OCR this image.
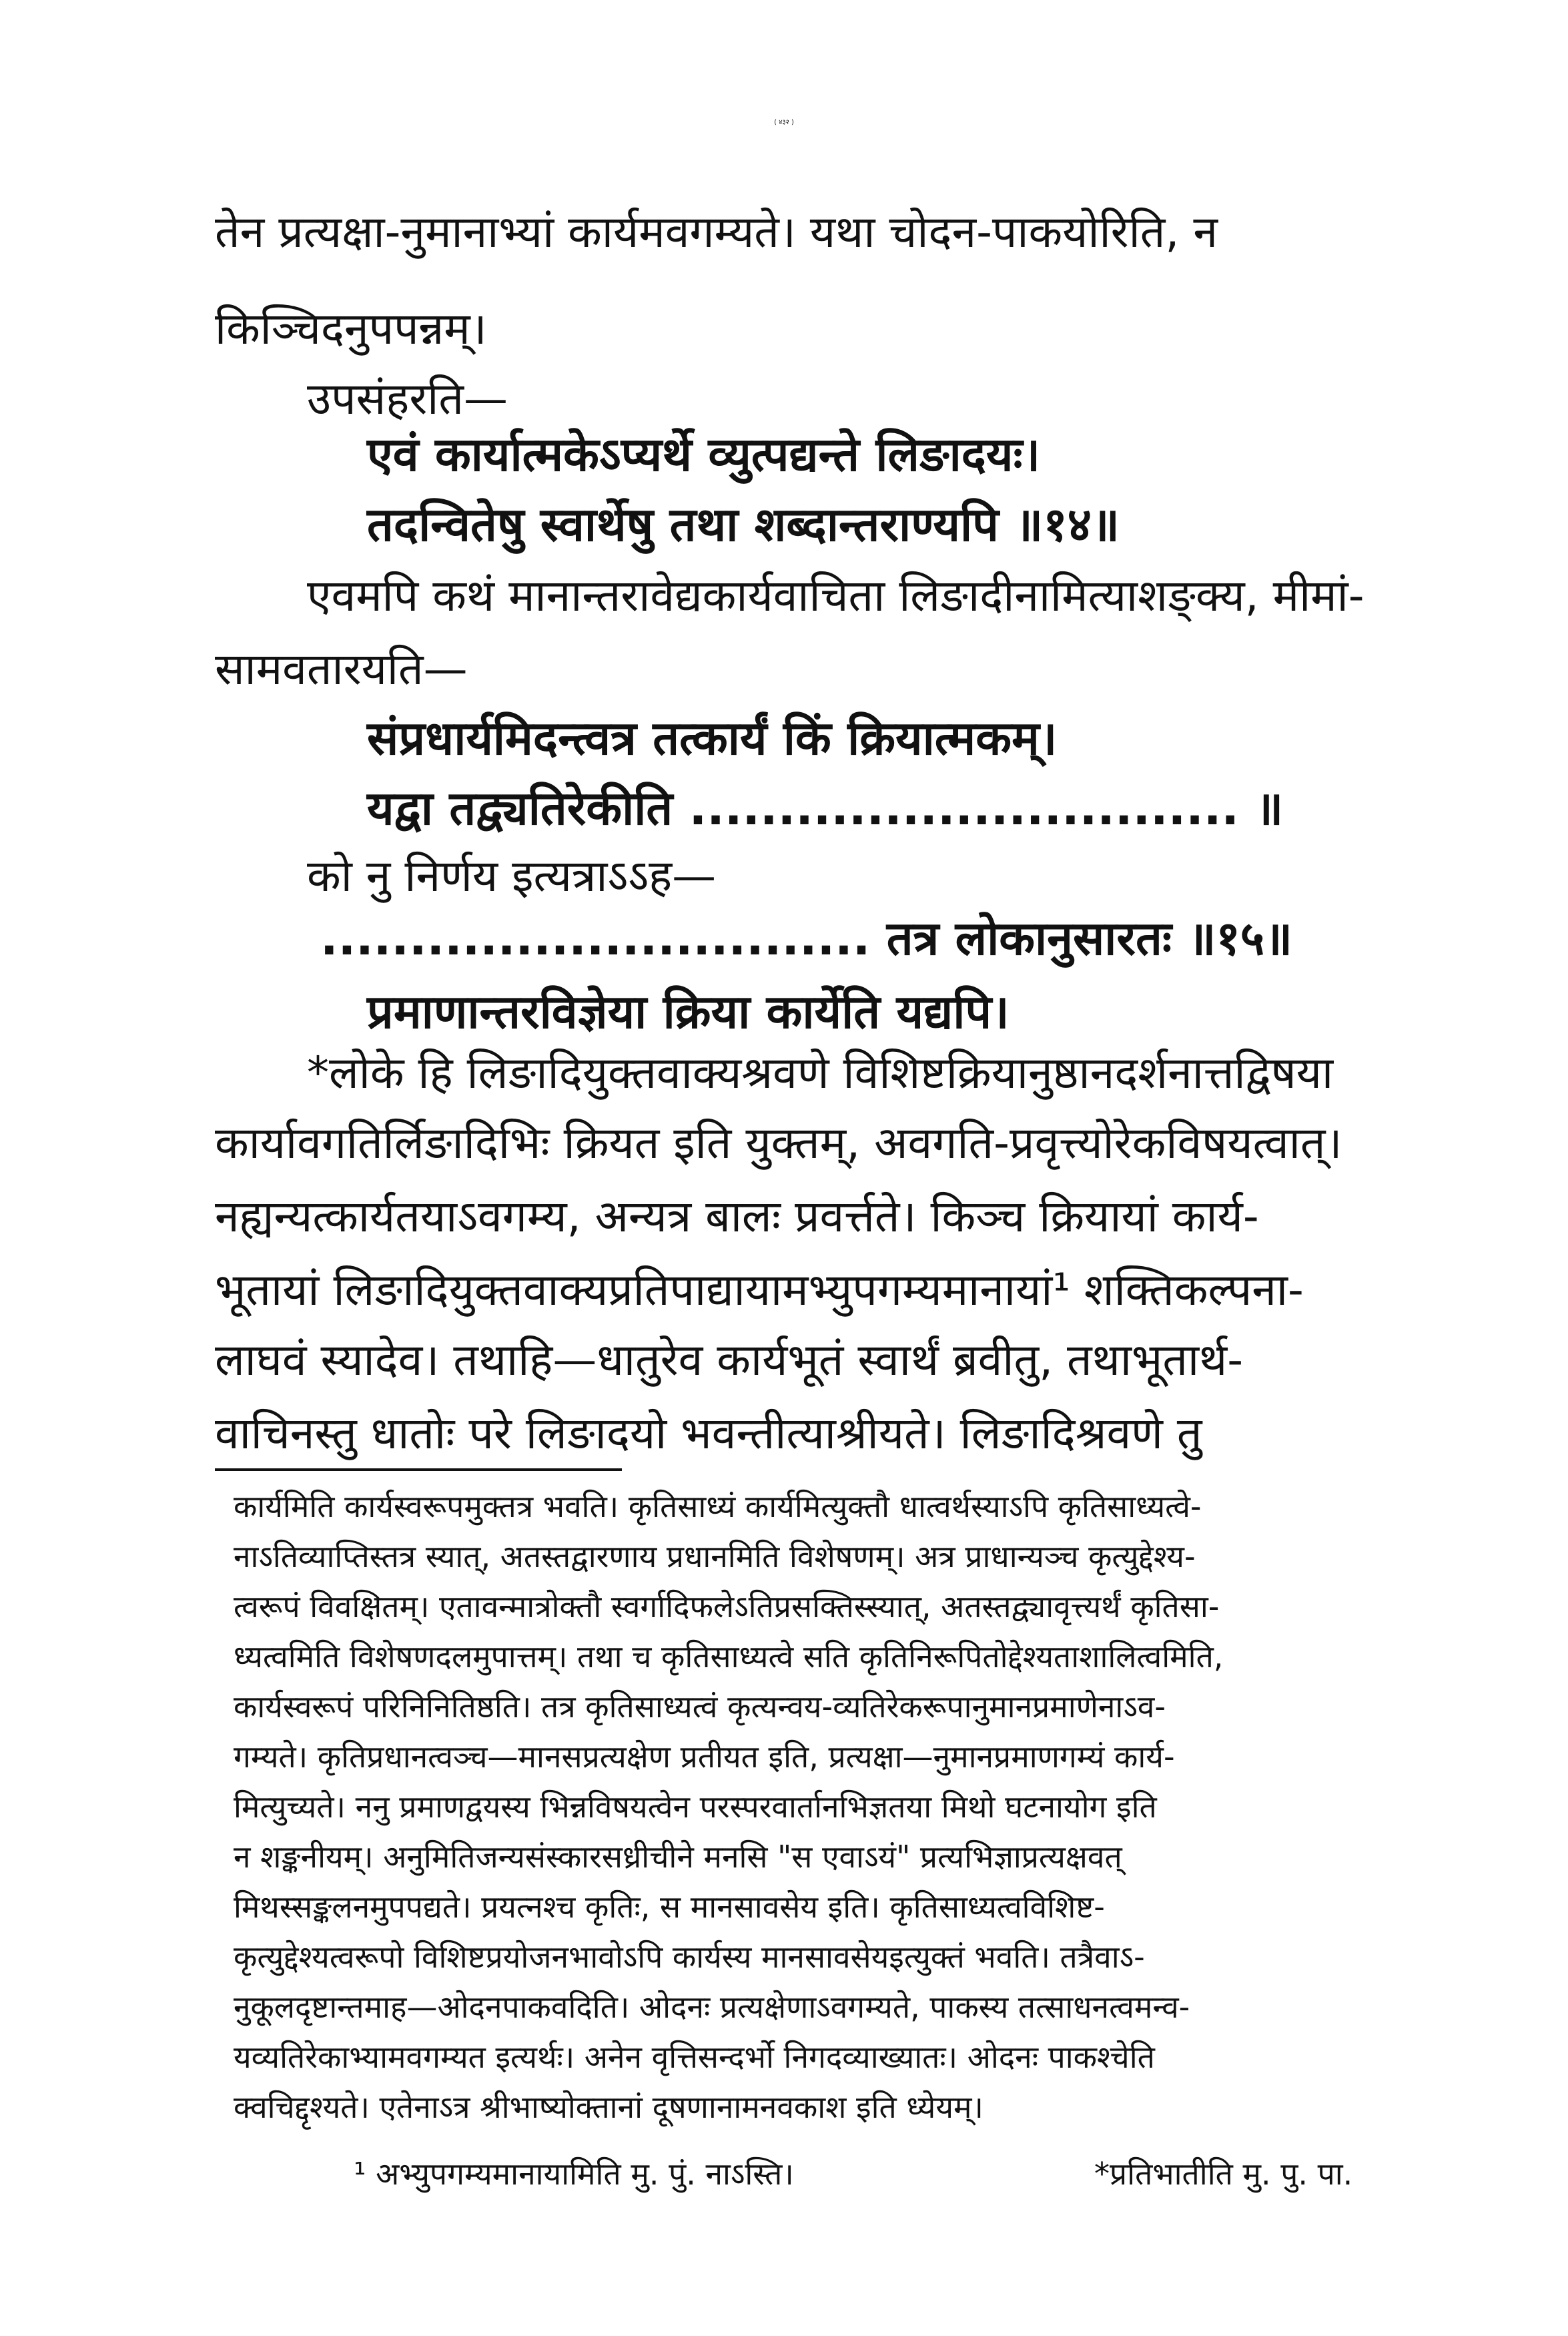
( ४३२ )
तेन प्रत्यक्षा-नुमानाभ्यां कार्यमवगम्यते। यथा चोदन-पाकयोरिति, न
किञ्चिदनुपपन्नम्।
उपसंहरति—
एवं कार्यात्मकेऽप्यर्थे व्युत्पद्यन्ते लिङादयः।
तदन्वितेषु स्वार्थेषु तथा शब्दान्तराण्यपि ॥१४॥
एवमपि कथं मानान्तरावेद्यकार्यवाचिता लिङादीनामित्याशङ्क्य, मीमां-
सामवतारयति—
संप्रधार्यमिदन्त्वत्र तत्कार्यं किं क्रियात्मकम्।
यद्वा तद्व्यतिरेकीति ............................... ॥
को नु निर्णय इत्यत्राऽऽह—
............................... तत्र लोकानुसारतः ॥१५॥
प्रमाणान्तरविज्ञेया क्रिया कार्येति यद्यपि।
*लोके हि लिङादियुक्तवाक्यश्रवणे विशिष्टक्रियानुष्ठानदर्शनात्तद्विषया
कार्यावगतिर्लिङादिभिः क्रियत इति युक्तम्, अवगति-प्रवृत्त्योरेकविषयत्वात्।
नह्यन्यत्कार्यतयाऽवगम्य, अन्यत्र बालः प्रवर्त्तते। किञ्च क्रियायां कार्य-
भूतायां लिङादियुक्तवाक्यप्रतिपाद्यायामभ्युपगम्यमानायां¹ शक्तिकल्पना-
लाघवं स्यादेव। तथाहि—धातुरेव कार्यभूतं स्वार्थं ब्रवीतु, तथाभूतार्थ-
वाचिनस्तु धातोः परे लिङादयो भवन्तीत्याश्रीयते। लिङादिश्रवणे तु
कार्यमिति कार्यस्वरूपमुक्तत्र भवति। कृतिसाध्यं कार्यमित्युक्तौ धात्वर्थस्याऽपि कृतिसाध्यत्वे-
नाऽतिव्याप्तिस्तत्र स्यात्, अतस्तद्वारणाय प्रधानमिति विशेषणम्। अत्र प्राधान्यञ्च कृत्युद्देश्य-
त्वरूपं विवक्षितम्। एतावन्मात्रोक्तौ स्वर्गादिफलेऽतिप्रसक्तिस्स्यात्, अतस्तद्व्यावृत्त्यर्थं कृतिसा-
ध्यत्वमिति विशेषणदलमुपात्तम्। तथा च कृतिसाध्यत्वे सति कृतिनिरूपितोद्देश्यताशालित्वमिति,
कार्यस्वरूपं परिनिनितिष्ठति। तत्र कृतिसाध्यत्वं कृत्यन्वय-व्यतिरेकरूपानुमानप्रमाणेनाऽव-
गम्यते। कृतिप्रधानत्वञ्च—मानसप्रत्यक्षेण प्रतीयत इति, प्रत्यक्षा—नुमानप्रमाणगम्यं कार्य-
मित्युच्यते। ननु प्रमाणद्वयस्य भिन्नविषयत्वेन परस्परवार्तानभिज्ञतया मिथो घटनायोग इति
न शङ्कनीयम्। अनुमितिजन्यसंस्कारसध्रीचीने मनसि "स एवाऽयं" प्रत्यभिज्ञाप्रत्यक्षवत्
मिथस्सङ्कलनमुपपद्यते। प्रयत्नश्च कृतिः, स मानसावसेय इति। कृतिसाध्यत्वविशिष्ट-
कृत्युद्देश्यत्वरूपो विशिष्टप्रयोजनभावोऽपि कार्यस्य मानसावसेयइत्युक्तं भवति। तत्रैवाऽ-
नुकूलदृष्टान्तमाह—ओदनपाकवदिति। ओदनः प्रत्यक्षेणाऽवगम्यते, पाकस्य तत्साधनत्वमन्व-
यव्यतिरेकाभ्यामवगम्यत इत्यर्थः। अनेन वृत्तिसन्दर्भो निगदव्याख्यातः। ओदनः पाकश्चेति
क्वचिद्दृश्यते। एतेनाऽत्र श्रीभाष्योक्तानां दूषणानामनवकाश इति ध्येयम्।
¹ अभ्युपगम्यमानायामिति मु. पुं. नाऽस्ति।	*प्रतिभातीति मु. पु. पा.
